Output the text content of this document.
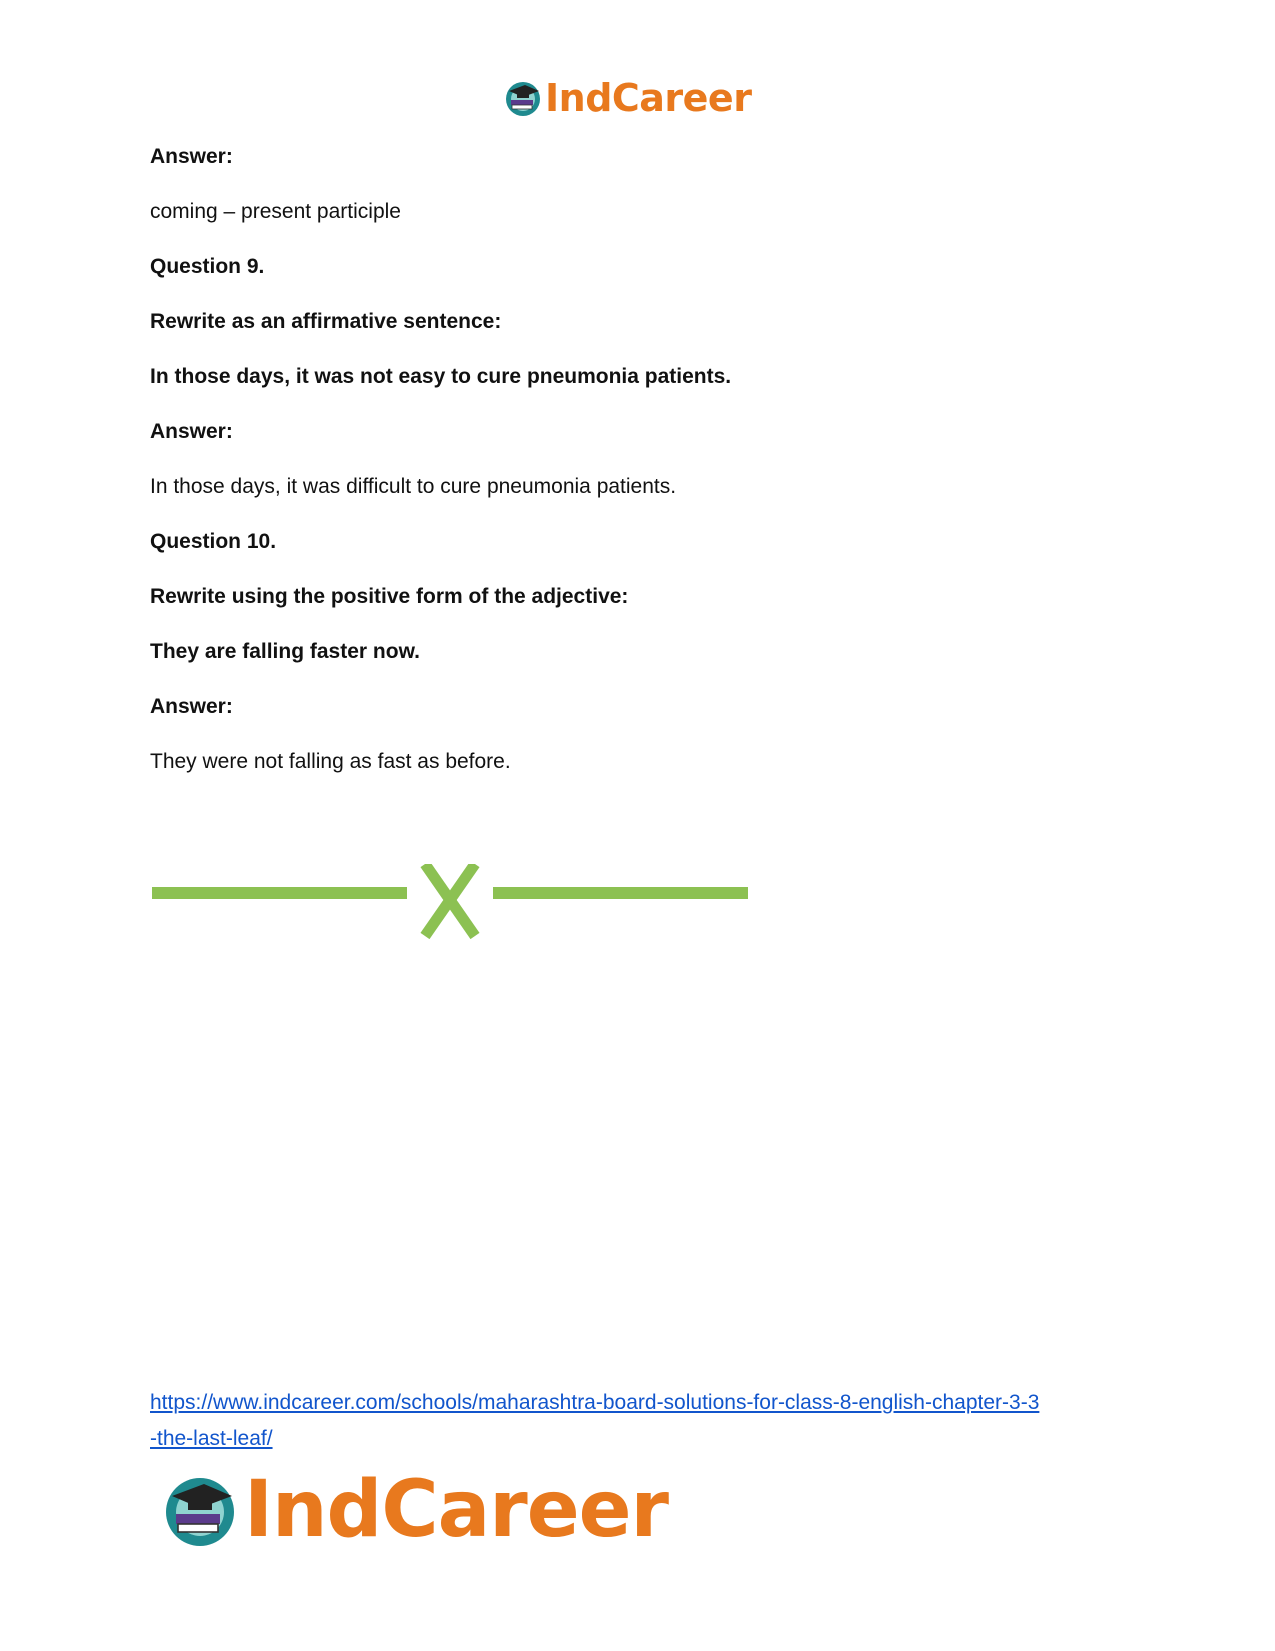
IndCareer

Answer:

coming – present participle

Question 9.

Rewrite as an affirmative sentence:

In those days, it was not easy to cure pneumonia patients.

Answer:

In those days, it was difficult to cure pneumonia patients.

Question 10.

Rewrite using the positive form of the adjective:

They are falling faster now.

Answer:

They were not falling as fast as before.

https://www.indcareer.com/schools/maharashtra-board-solutions-for-class-8-english-chapter-3-3
-the-last-leaf/
IndCareer
